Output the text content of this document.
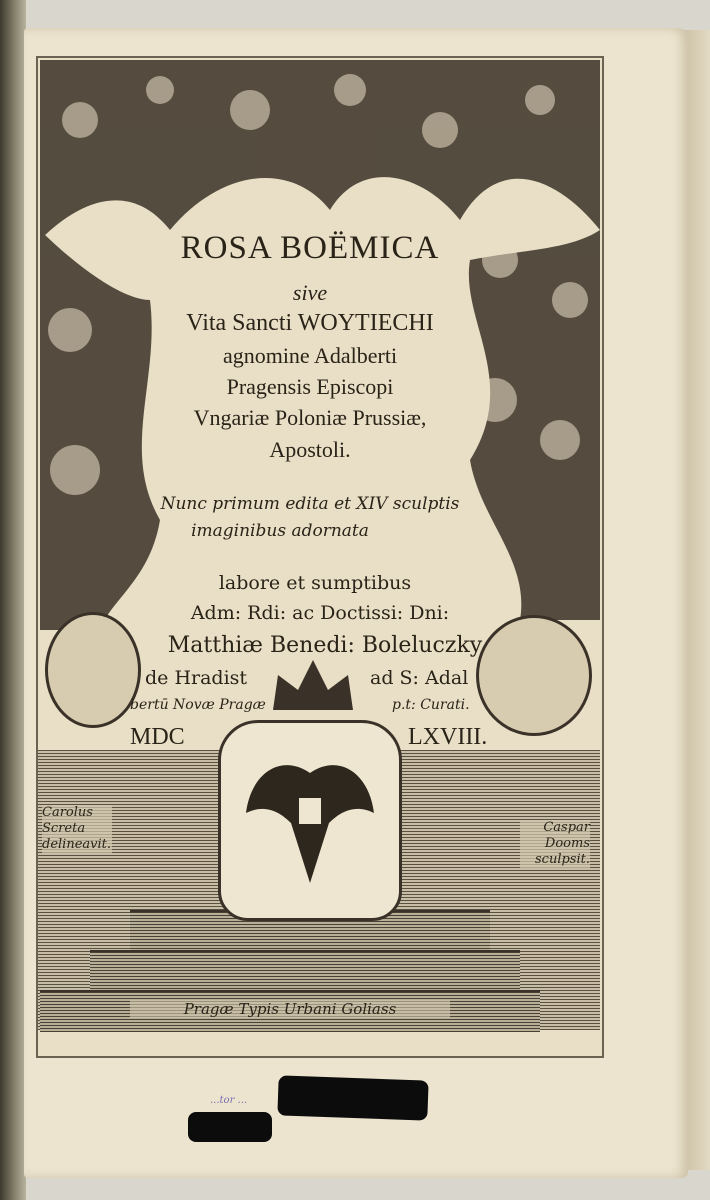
ROSA BOËMICA
sive
Vita Sancti WOYTIECHI
agnomine Adalberti
Pragensis Episcopi
Vngariæ Poloniæ Prussiæ,
Apostoli.
Nunc primum edita et XIV sculptis
imaginibus adornata
labore et sumptibus
Adm: Rdi: ac Doctissi: Dni:
Matthiæ Benedi: Boleluczky
de Hradist	ad S: Adal
bertū Novæ Pragæ	p.t: Curati.
MDC	LXVIII.
Carolus
Screta
delineavit.
Caspar
Dooms
sculpsit.
Pragæ Typis Urbani Goliass
...tor ...
